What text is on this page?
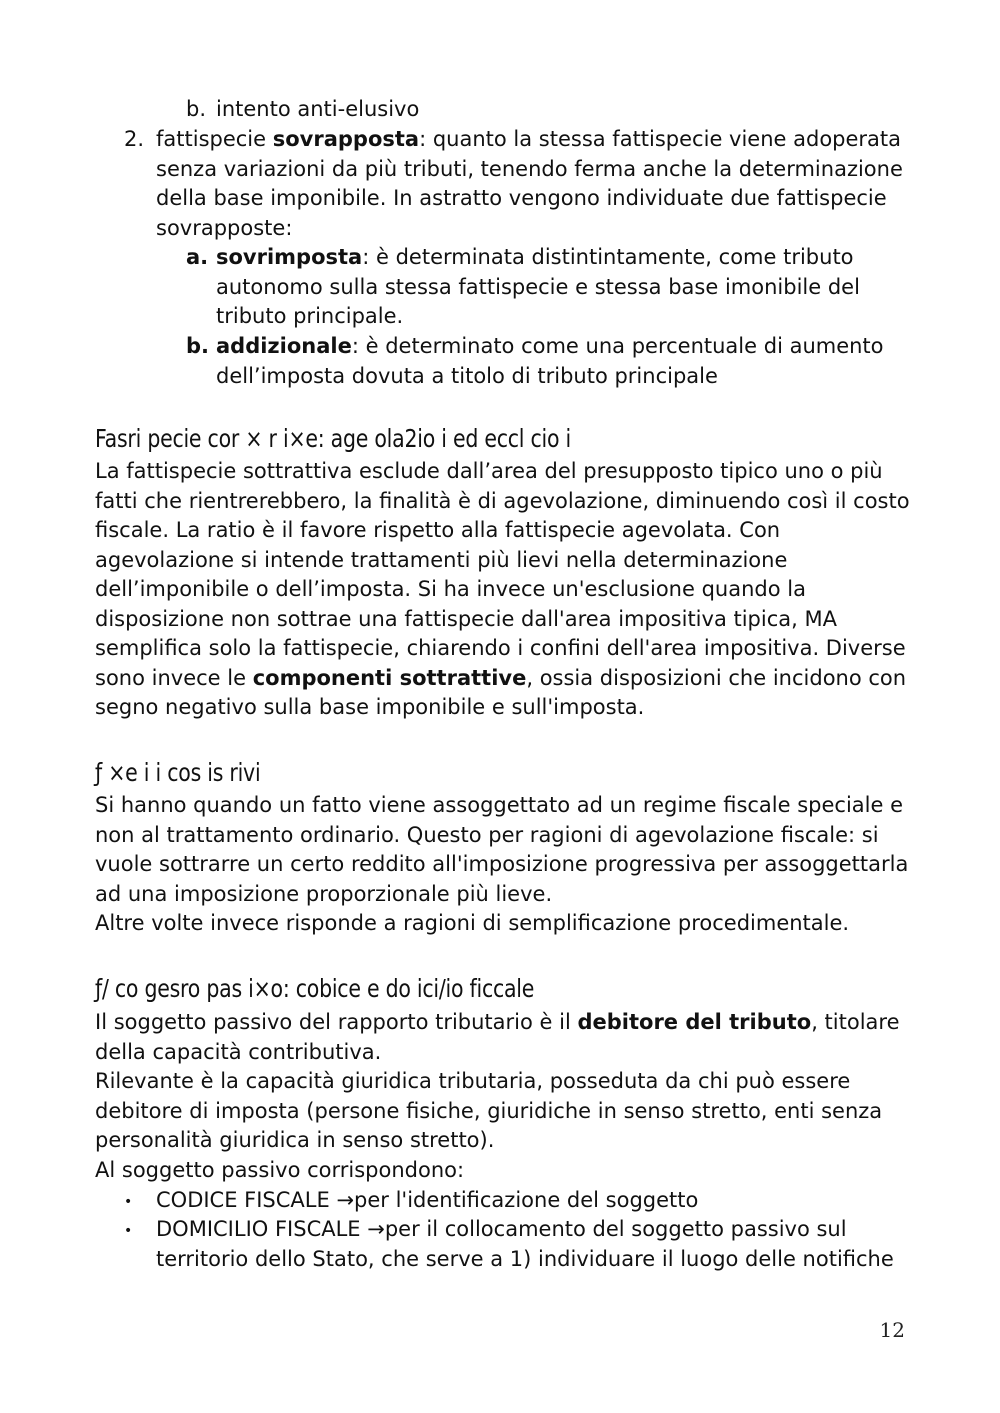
b. intento anti-elusivo
2. fattispecie sovrapposta: quanto la stessa fattispecie viene adoperata
senza variazioni da più tributi, tenendo ferma anche la determinazione
della base imponibile. In astratto vengono individuate due fattispecie
sovrapposte:
a. sovrimposta: è determinata distintintamente, come tributo
autonomo sulla stessa fattispecie e stessa base imonibile del
tributo principale.
b. addizionale: è determinato come una percentuale di aumento
dell’imposta dovuta a titolo di tributo principale
Fasri pecie cor × r i×e: age ola2io i ed eccl cio i
La fattispecie sottrattiva esclude dall’area del presupposto tipico uno o più
fatti che rientrerebbero, la finalità è di agevolazione, diminuendo così il costo
fiscale. La ratio è il favore rispetto alla fattispecie agevolata. Con
agevolazione si intende trattamenti più lievi nella determinazione
dell’imponibile o dell’imposta. Si ha invece un'esclusione quando la
disposizione non sottrae una fattispecie dall'area impositiva tipica, MA
semplifica solo la fattispecie, chiarendo i confini dell'area impositiva. Diverse
sono invece le componenti sottrattive, ossia disposizioni che incidono con
segno negativo sulla base imponibile e sull'imposta.
ƒ ×e i i cos is rivi
Si hanno quando un fatto viene assoggettato ad un regime fiscale speciale e
non al trattamento ordinario. Questo per ragioni di agevolazione fiscale: si
vuole sottrarre un certo reddito all'imposizione progressiva per assoggettarla
ad una imposizione proporzionale più lieve.
Altre volte invece risponde a ragioni di semplificazione procedimentale.
ƒ/ co gesro pas i×o: cobice e do ici/io ficcale
Il soggetto passivo del rapporto tributario è il debitore del tributo, titolare
della capacità contributiva.
Rilevante è la capacità giuridica tributaria, posseduta da chi può essere
debitore di imposta (persone fisiche, giuridiche in senso stretto, enti senza
personalità giuridica in senso stretto).
Al soggetto passivo corrispondono:
• CODICE FISCALE →per l'identificazione del soggetto
• DOMICILIO FISCALE →per il collocamento del soggetto passivo sul
territorio dello Stato, che serve a 1) individuare il luogo delle notifiche
12
